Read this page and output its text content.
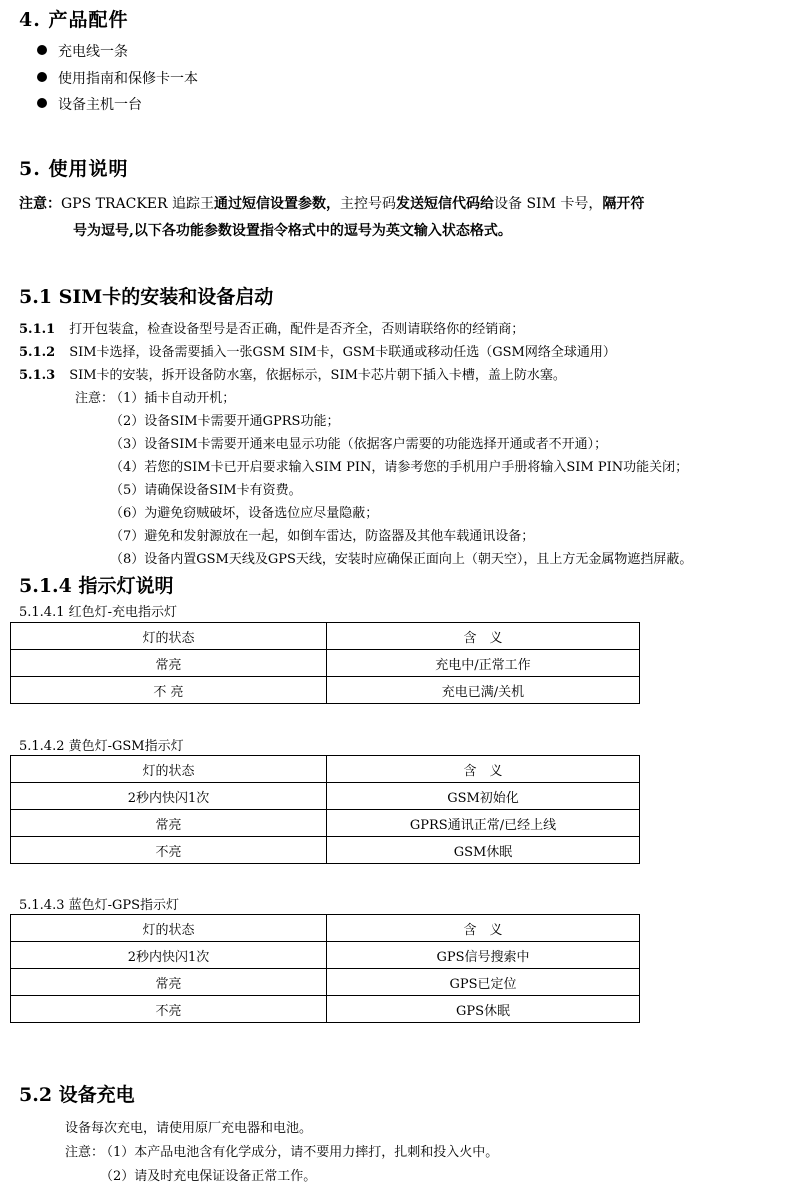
4. 产品配件
充电线一条
使用指南和保修卡一本
设备主机一台
5. 使用说明
注意：GPS TRACKER 追踪王通过短信设置参数，主控号码发送短信代码给设备 SIM 卡号，隔开符
号为逗号,以下各功能参数设置指令格式中的逗号为英文输入状态格式。
5.1 SIM卡的安装和设备启动
5.1.1 打开包装盒，检查设备型号是否正确，配件是否齐全，否则请联络你的经销商；
5.1.2 SIM卡选择，设备需要插入一张GSM SIM卡，GSM卡联通或移动任选（GSM网络全球通用）
5.1.3 SIM卡的安装，拆开设备防水塞，依据标示，SIM卡芯片朝下插入卡槽，盖上防水塞。
注意：
（1）插卡自动开机；
（2）设备SIM卡需要开通GPRS功能；
（3）设备SIM卡需要开通来电显示功能（依据客户需要的功能选择开通或者不开通）；
（4）若您的SIM卡已开启要求输入SIM PIN，请参考您的手机用户手册将输入SIM PIN功能关闭；
（5）请确保设备SIM卡有资费。
（6）为避免窃贼破坏，设备选位应尽量隐蔽；
（7）避免和发射源放在一起，如倒车雷达，防盗器及其他车载通讯设备；
（8）设备内置GSM天线及GPS天线，安装时应确保正面向上（朝天空），且上方无金属物遮挡屏蔽。
5.1.4 指示灯说明
5.1.4.1 红色灯-充电指示灯
灯的状态	含　义
常亮	充电中/正常工作
不 亮	充电已满/关机
5.1.4.2 黄色灯-GSM指示灯
灯的状态	含　义
2秒内快闪1次	GSM初始化
常亮	GPRS通讯正常/已经上线
不亮	GSM休眠
5.1.4.3 蓝色灯-GPS指示灯
灯的状态	含　义
2秒内快闪1次	GPS信号搜索中
常亮	GPS已定位
不亮	GPS休眠
5.2 设备充电
设备每次充电，请使用原厂充电器和电池。
注意：
（1）本产品电池含有化学成分，请不要用力摔打，扎刺和投入火中。
（2）请及时充电保证设备正常工作。
